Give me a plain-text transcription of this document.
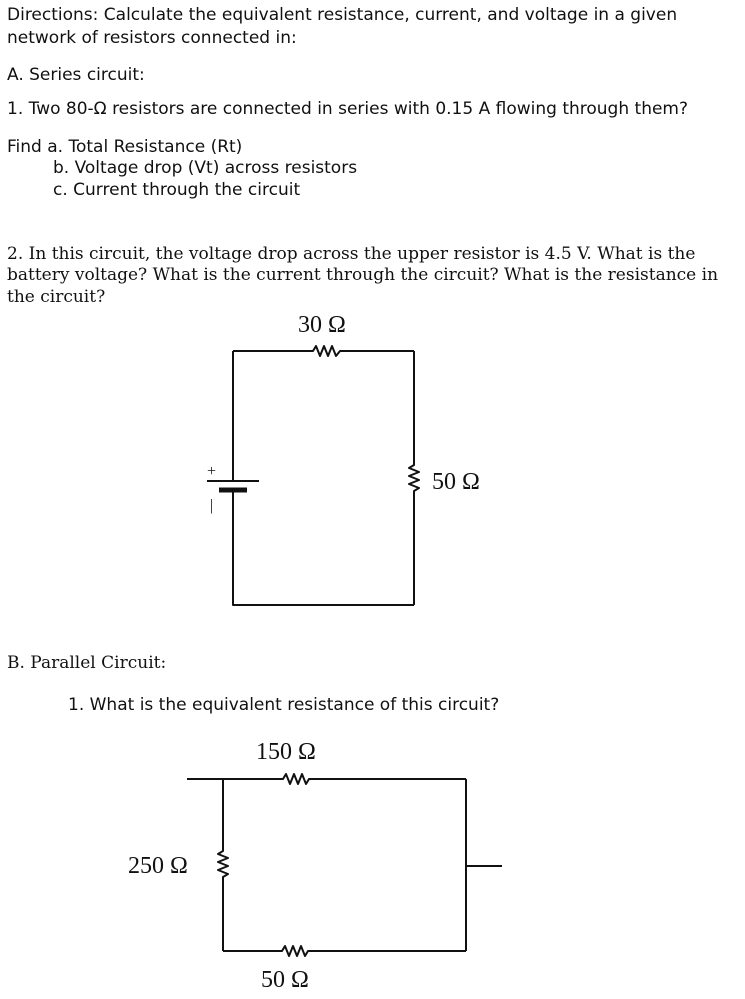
Directions: Calculate the equivalent resistance, current, and voltage in a given
network of resistors connected in:
A. Series circuit:
1. Two 80-Ω resistors are connected in series with 0.15 A flowing through them?
Find a. Total Resistance (Rt)
b. Voltage drop (Vt) across resistors
c. Current through the circuit
2. In this circuit, the voltage drop across the upper resistor is 4.5 V. What is the
battery voltage? What is the current through the circuit? What is the resistance in
the circuit?
30 Ω
50 Ω
+
|
B. Parallel Circuit:
1. What is the equivalent resistance of this circuit?
150 Ω
250 Ω
50 Ω
